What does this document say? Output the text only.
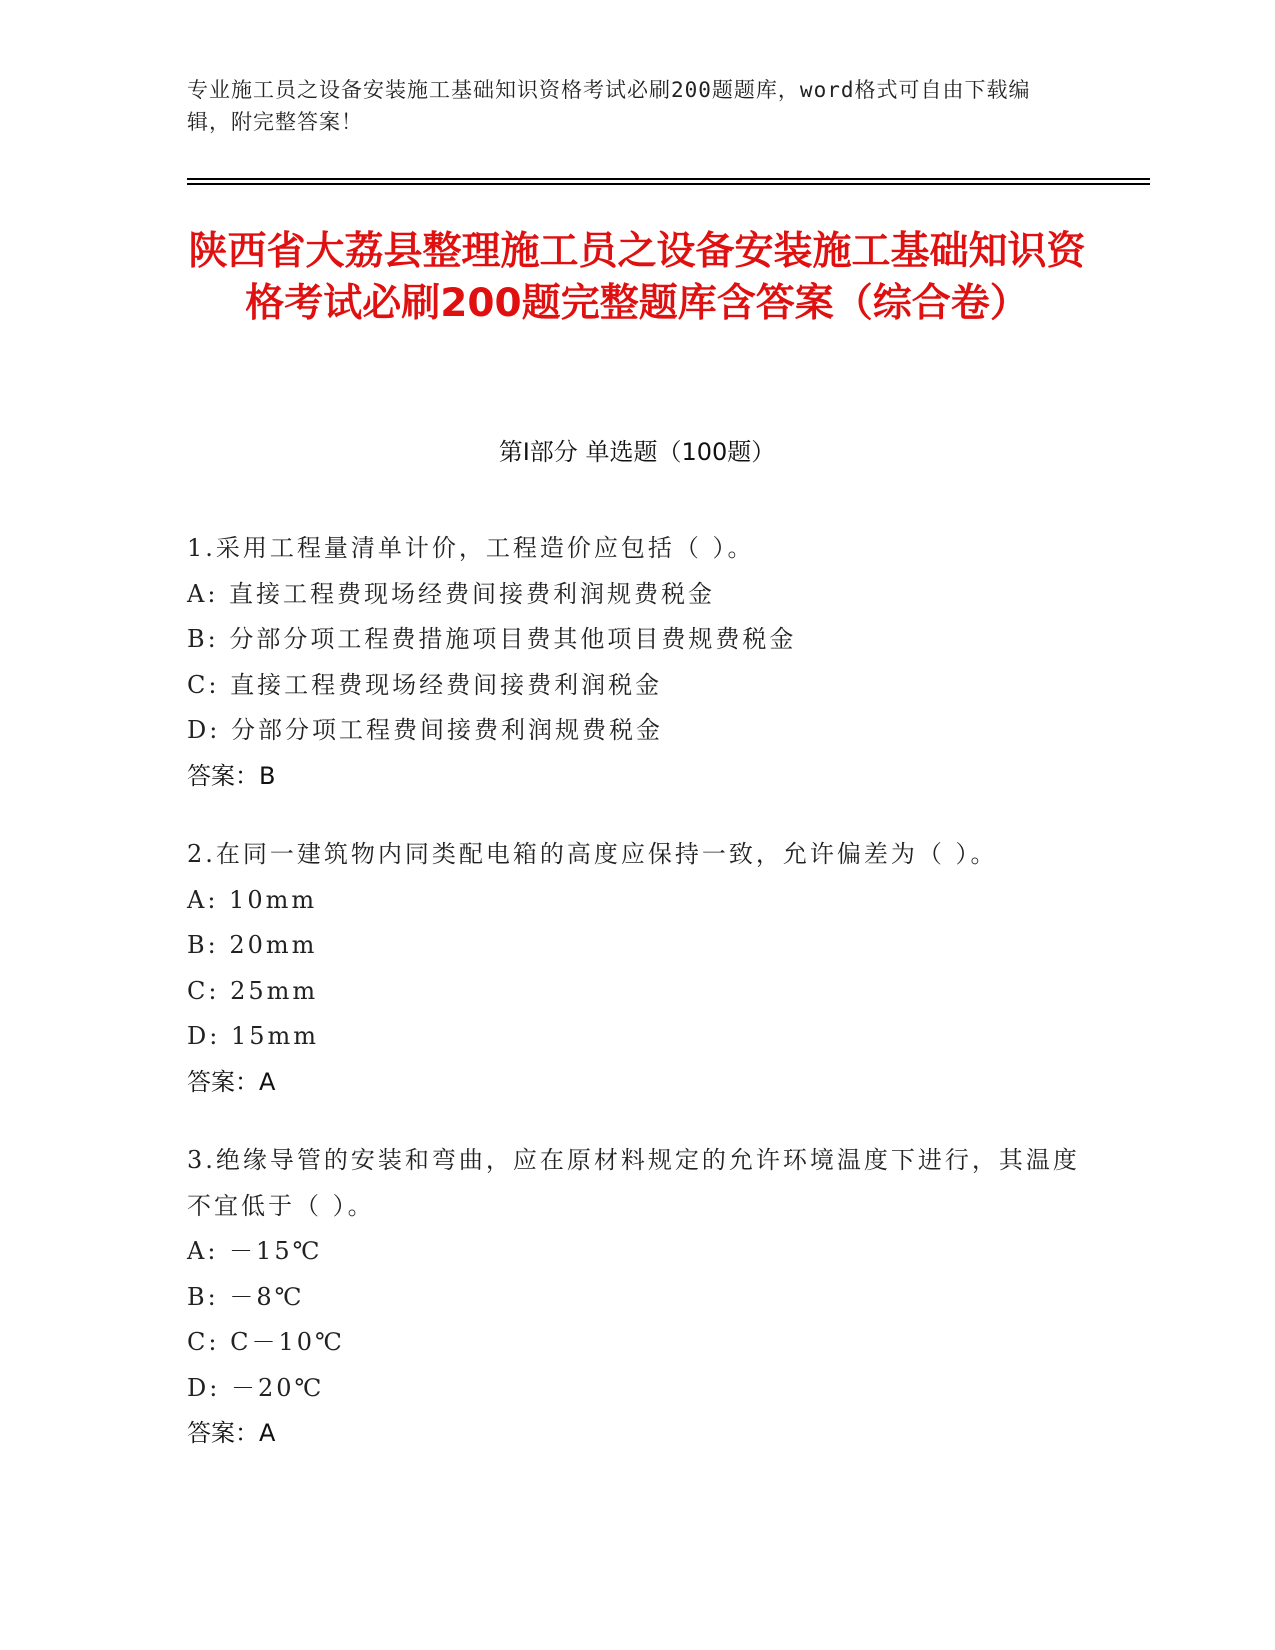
专业施工员之设备安装施工基础知识资格考试必刷200题题库，word格式可自由下载编辑，附完整答案！
陕西省大荔县整理施工员之设备安装施工基础知识资格考试必刷200题完整题库含答案（综合卷）
第Ⅰ部分 单选题（100题）
1.采用工程量清单计价，工程造价应包括（ ）。
A: 直接工程费现场经费间接费利润规费税金
B: 分部分项工程费措施项目费其他项目费规费税金
C: 直接工程费现场经费间接费利润税金
D: 分部分项工程费间接费利润规费税金
答案：B
2.在同一建筑物内同类配电箱的高度应保持一致，允许偏差为（ ）。
A: 10mm
B: 20mm
C: 25mm
D: 15mm
答案：A
3.绝缘导管的安装和弯曲，应在原材料规定的允许环境温度下进行，其温度不宜低于（ ）。
A: －15℃
B: －8℃
C: C－10℃
D: －20℃
答案：A
